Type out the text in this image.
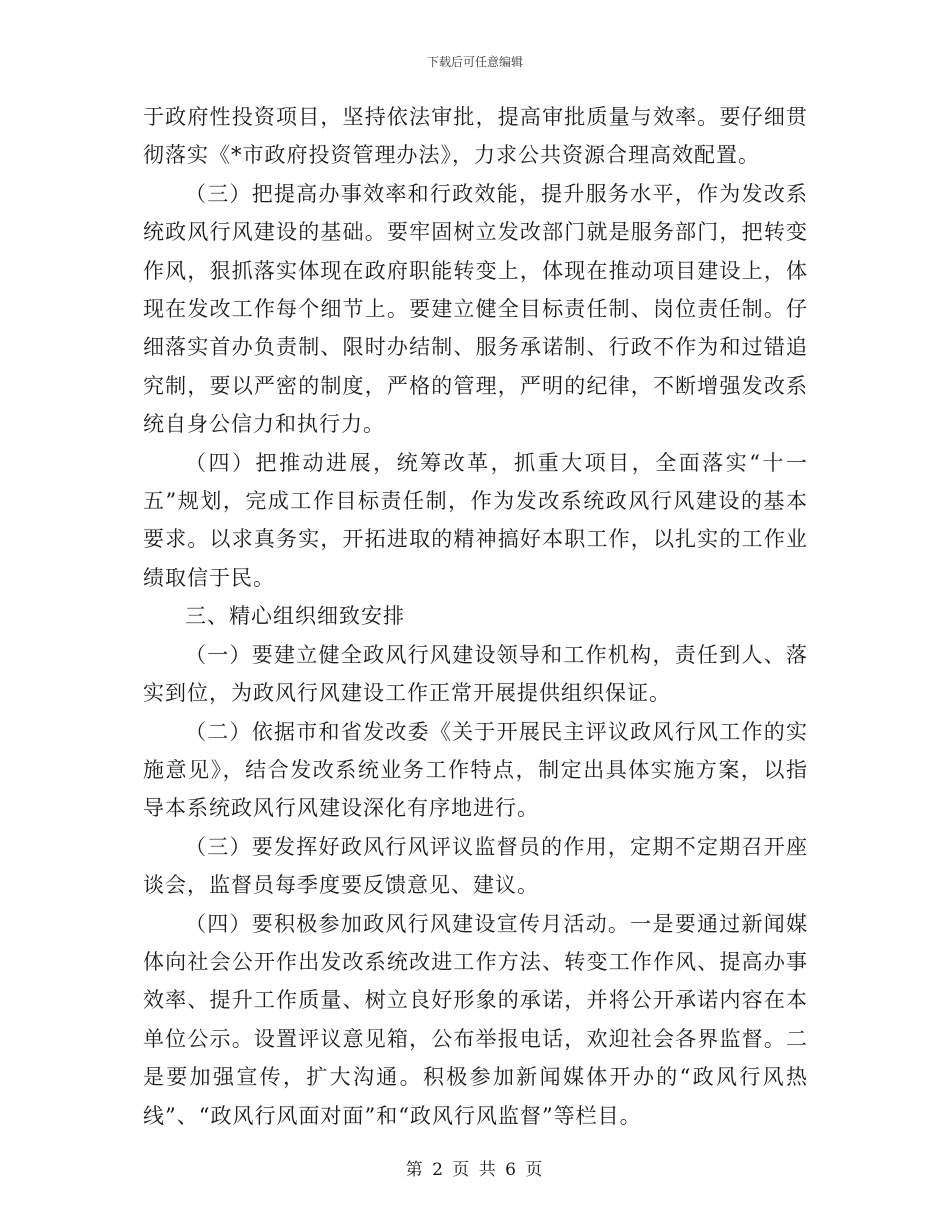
下载后可任意编辑

于政府性投资项目，坚持依法审批，提高审批质量与效率。要仔细贯彻落实《*市政府投资管理办法》，力求公共资源合理高效配置。

（三）把提高办事效率和行政效能，提升服务水平，作为发改系统政风行风建设的基础。要牢固树立发改部门就是服务部门，把转变作风，狠抓落实体现在政府职能转变上，体现在推动项目建设上，体现在发改工作每个细节上。要建立健全目标责任制、岗位责任制。仔细落实首办负责制、限时办结制、服务承诺制、行政不作为和过错追究制，要以严密的制度，严格的管理，严明的纪律，不断增强发改系统自身公信力和执行力。

（四）把推动进展，统筹改革，抓重大项目，全面落实“十一五”规划，完成工作目标责任制，作为发改系统政风行风建设的基本要求。以求真务实，开拓进取的精神搞好本职工作，以扎实的工作业绩取信于民。

三、精心组织细致安排

（一）要建立健全政风行风建设领导和工作机构，责任到人、落实到位，为政风行风建设工作正常开展提供组织保证。

（二）依据市和省发改委《关于开展民主评议政风行风工作的实施意见》，结合发改系统业务工作特点，制定出具体实施方案，以指导本系统政风行风建设深化有序地进行。

（三）要发挥好政风行风评议监督员的作用，定期不定期召开座谈会，监督员每季度要反馈意见、建议。

（四）要积极参加政风行风建设宣传月活动。一是要通过新闻媒体向社会公开作出发改系统改进工作方法、转变工作作风、提高办事效率、提升工作质量、树立良好形象的承诺，并将公开承诺内容在本单位公示。设置评议意见箱，公布举报电话，欢迎社会各界监督。二是要加强宣传，扩大沟通。积极参加新闻媒体开办的“政风行风热线”、“政风行风面对面”和“政风行风监督”等栏目。

第 2 页 共 6 页
